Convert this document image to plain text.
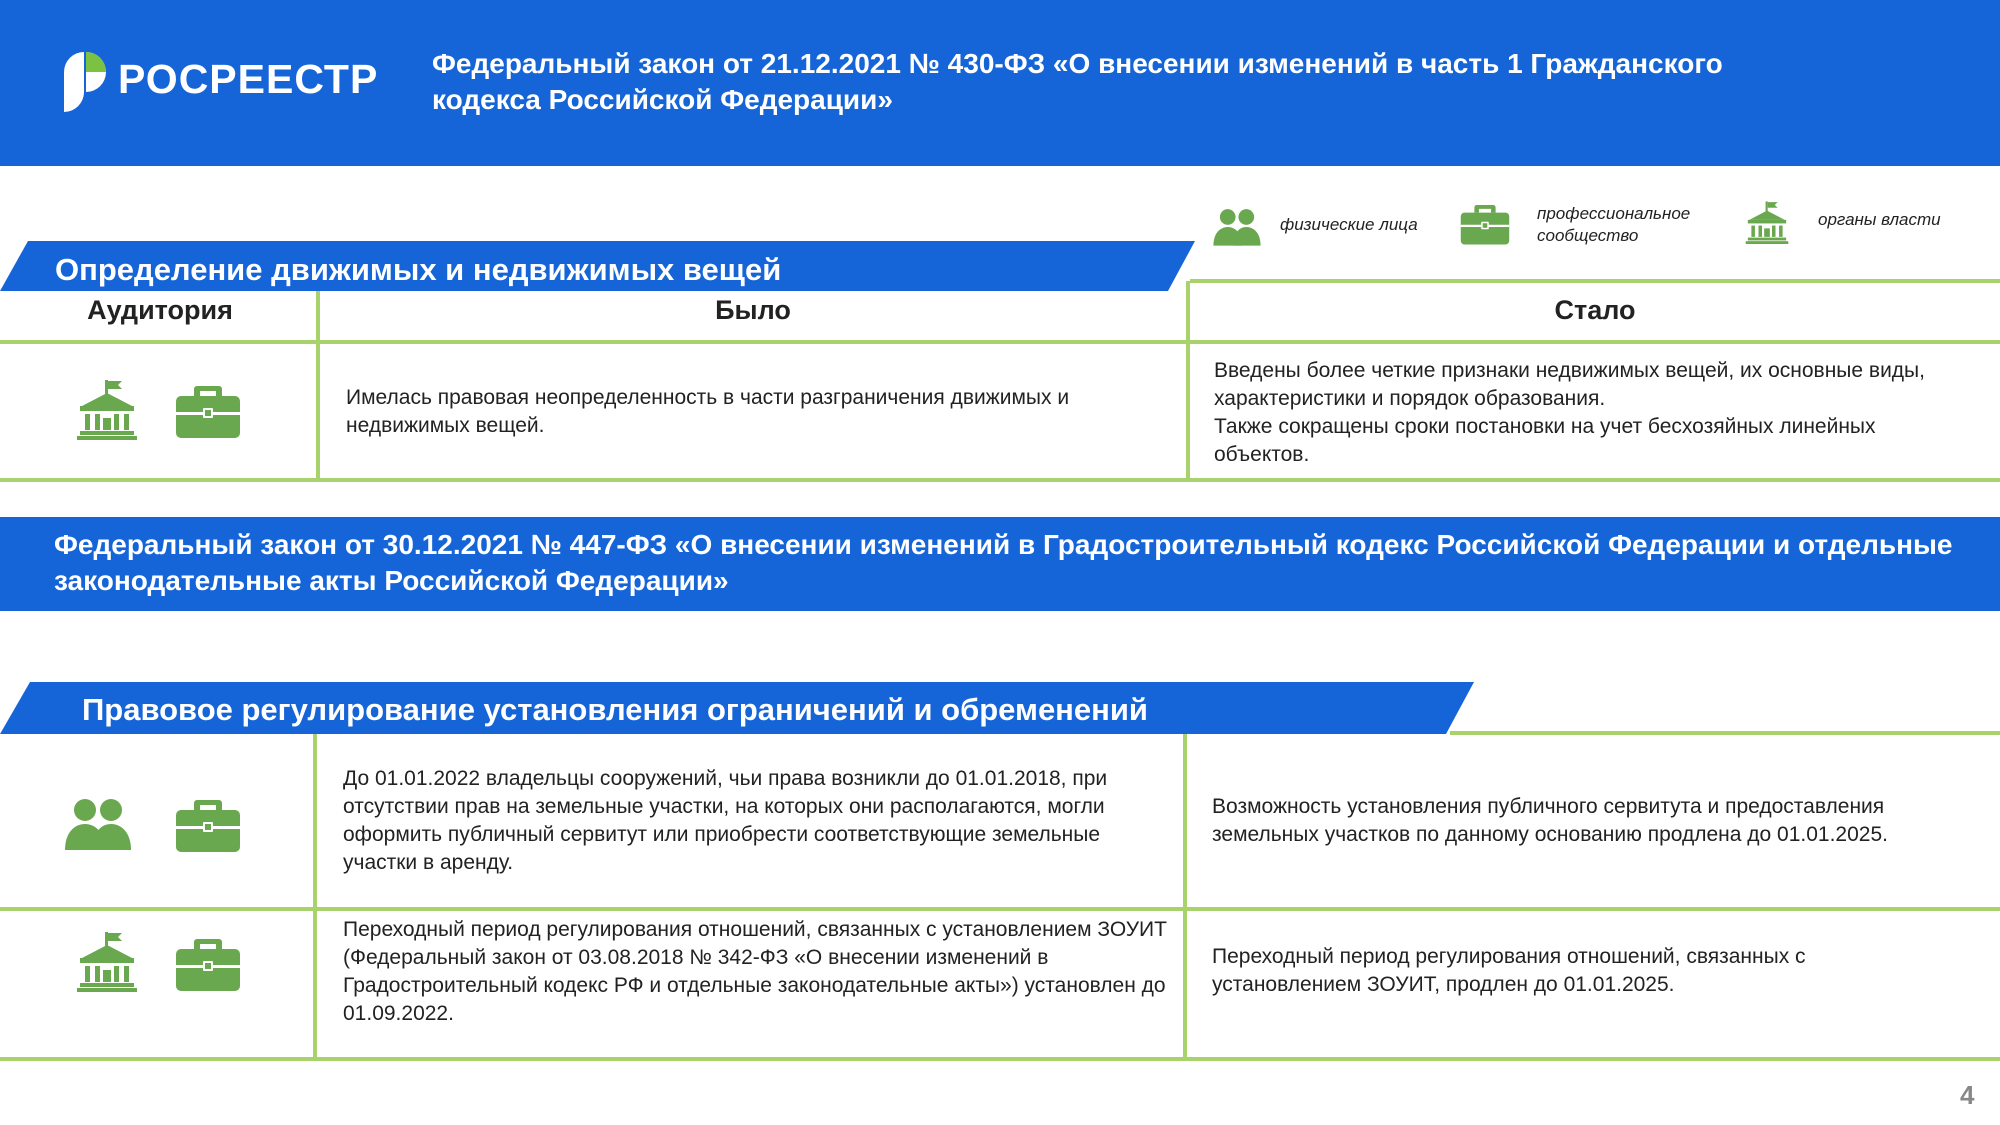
РОСРЕЕСТР Федеральный закон от 21.12.2021 № 430-ФЗ «О внесении изменений в часть 1 Гражданского кодекса Российской Федерации»
физические лица
профессиональное сообщество
органы власти
Определение движимых и недвижимых вещей
Аудитория	Было	Стало
Имелась правовая неопределенность в части разграничения движимых и недвижимых вещей.
Введены более четкие признаки недвижимых вещей, их основные виды, характеристики и порядок образования.
Также сокращены сроки постановки на учет бесхозяйных линейных объектов.
Федеральный закон от 30.12.2021 № 447-ФЗ «О внесении изменений в Градостроительный кодекс Российской Федерации и отдельные законодательные акты Российской Федерации»
Правовое регулирование установления ограничений и обременений
До 01.01.2022 владельцы сооружений, чьи права возникли до 01.01.2018, при отсутствии прав на земельные участки, на которых они располагаются, могли оформить публичный сервитут или приобрести соответствующие земельные участки в аренду.
Возможность установления публичного сервитута и предоставления земельных участков по данному основанию продлена до 01.01.2025.
Переходный период регулирования отношений, связанных с установлением ЗОУИТ (Федеральный закон от 03.08.2018 № 342-ФЗ «О внесении изменений в Градостроительный кодекс РФ и отдельные законодательные акты») установлен до 01.09.2022.
Переходный период регулирования отношений, связанных с установлением ЗОУИТ, продлен до 01.01.2025.
4
